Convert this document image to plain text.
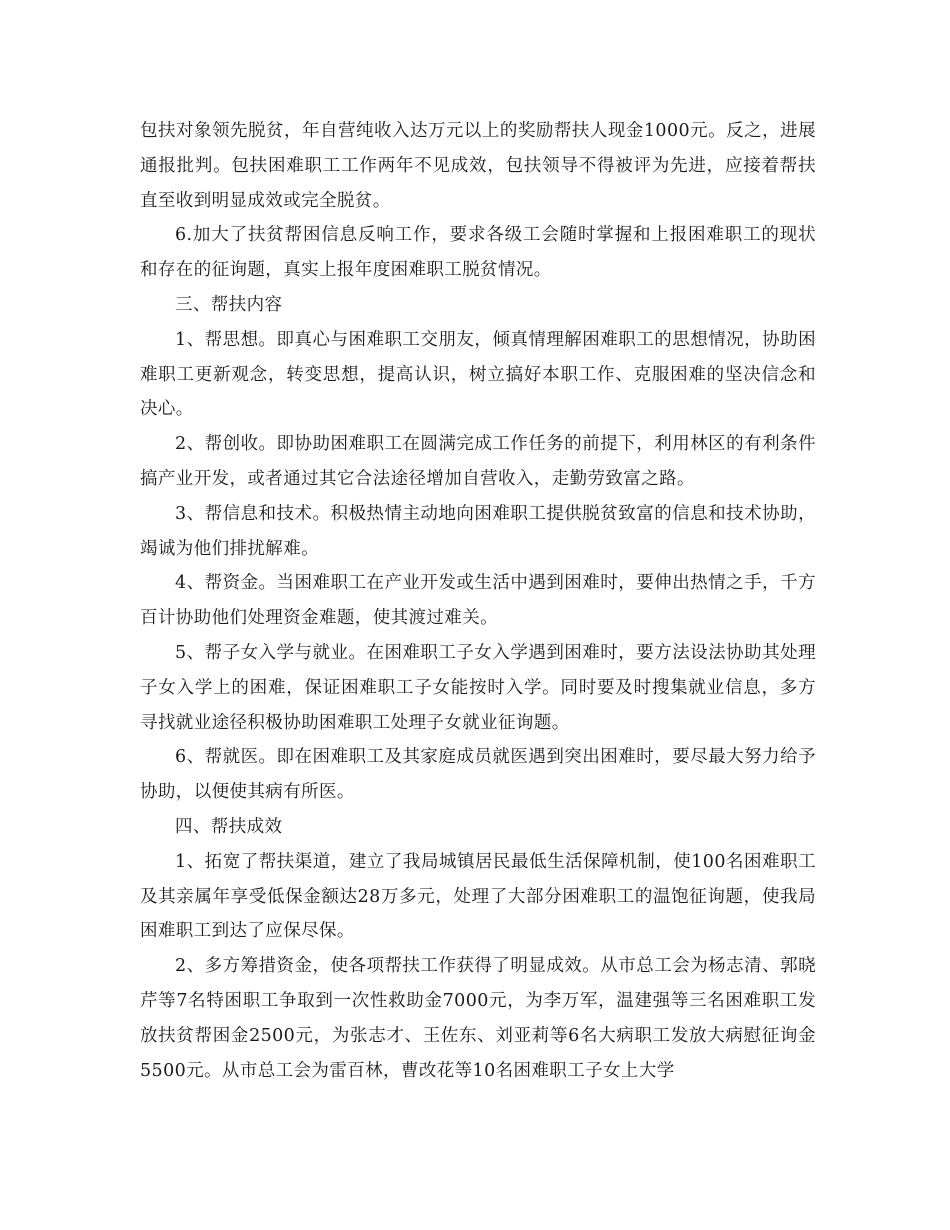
包扶对象领先脱贫，年自营纯收入达万元以上的奖励帮扶人现金1000元。反之，进展通报批判。包扶困难职工工作两年不见成效，包扶领导不得被评为先进，应接着帮扶直至收到明显成效或完全脱贫。

6.加大了扶贫帮困信息反响工作，要求各级工会随时掌握和上报困难职工的现状和存在的征询题，真实上报年度困难职工脱贫情况。

三、帮扶内容

1、帮思想。即真心与困难职工交朋友，倾真情理解困难职工的思想情况，协助困难职工更新观念，转变思想，提高认识，树立搞好本职工作、克服困难的坚决信念和决心。

2、帮创收。即协助困难职工在圆满完成工作任务的前提下，利用林区的有利条件搞产业开发，或者通过其它合法途径增加自营收入，走勤劳致富之路。

3、帮信息和技术。积极热情主动地向困难职工提供脱贫致富的信息和技术协助，竭诚为他们排扰解难。

4、帮资金。当困难职工在产业开发或生活中遇到困难时，要伸出热情之手，千方百计协助他们处理资金难题，使其渡过难关。

5、帮子女入学与就业。在困难职工子女入学遇到困难时，要方法设法协助其处理子女入学上的困难，保证困难职工子女能按时入学。同时要及时搜集就业信息，多方寻找就业途径积极协助困难职工处理子女就业征询题。

6、帮就医。即在困难职工及其家庭成员就医遇到突出困难时，要尽最大努力给予协助，以便使其病有所医。

四、帮扶成效

1、拓宽了帮扶渠道，建立了我局城镇居民最低生活保障机制，使100名困难职工及其亲属年享受低保金额达28万多元，处理了大部分困难职工的温饱征询题，使我局困难职工到达了应保尽保。

2、多方筹措资金，使各项帮扶工作获得了明显成效。从市总工会为杨志清、郭晓芹等7名特困职工争取到一次性救助金7000元，为李万军，温建强等三名困难职工发放扶贫帮困金2500元，为张志才、王佐东、刘亚莉等6名大病职工发放大病慰征询金5500元。从市总工会为雷百林，曹改花等10名困难职工子女上大学
